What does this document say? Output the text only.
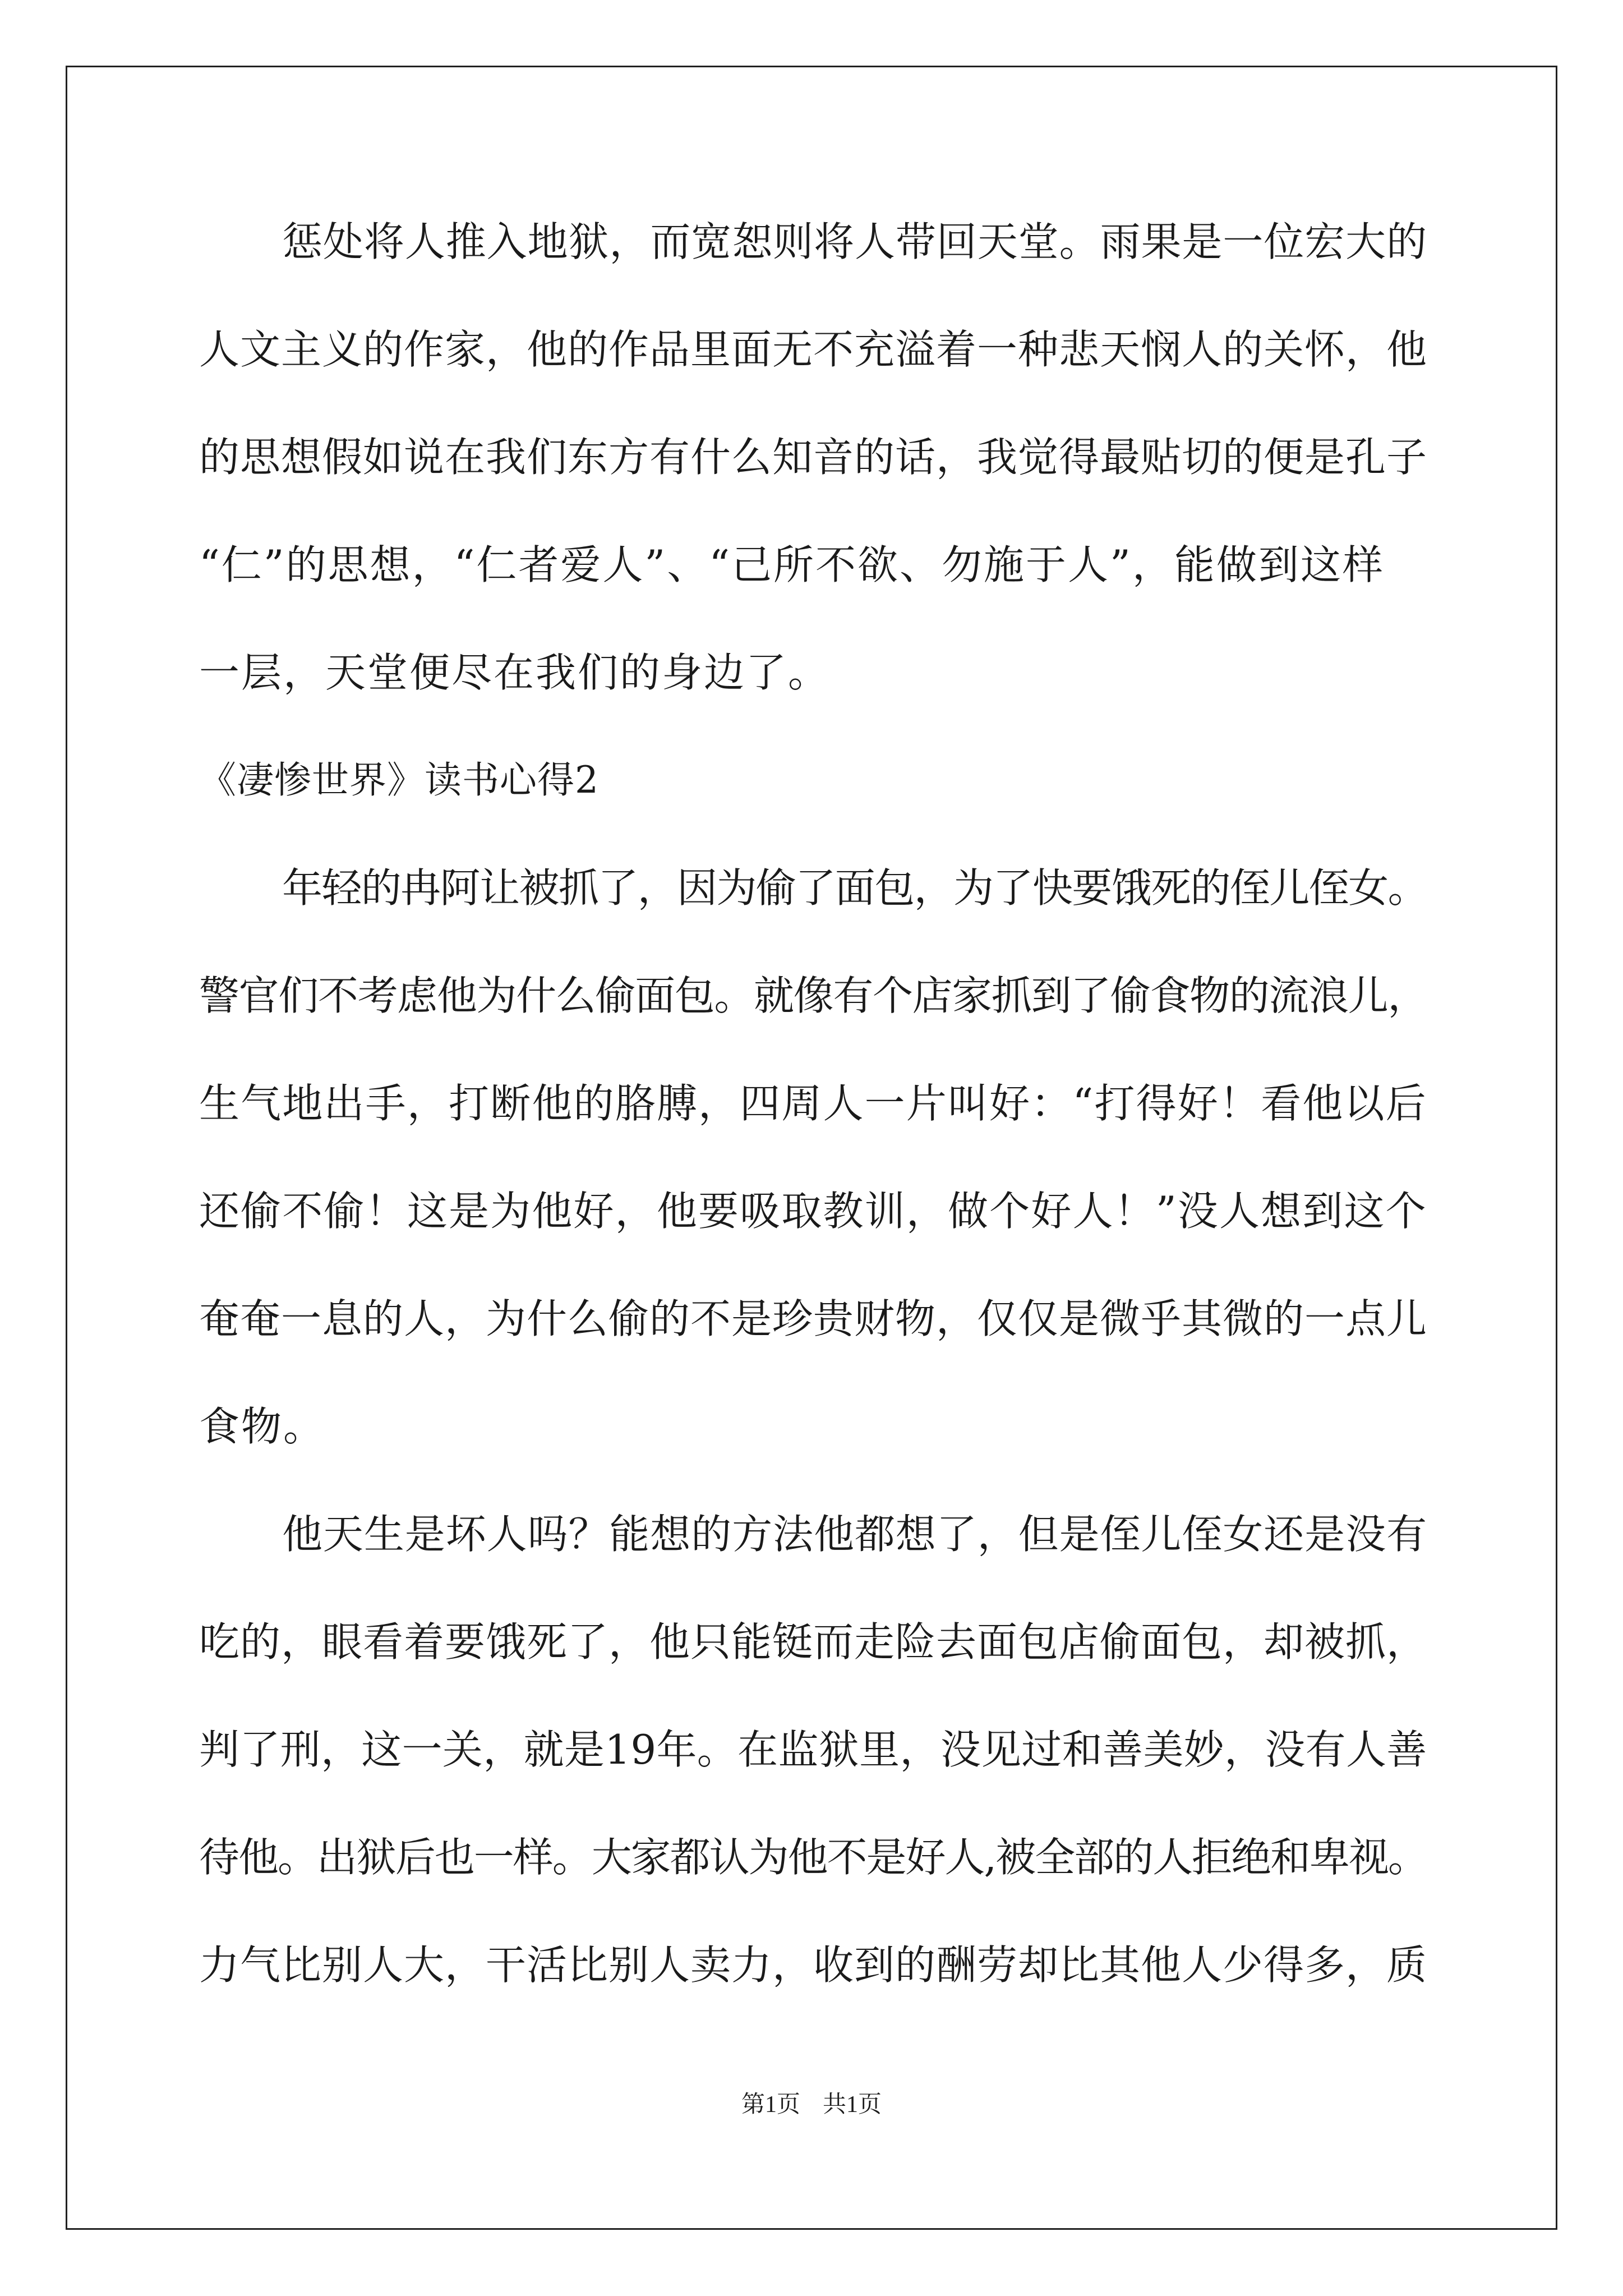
惩处将人推入地狱，而宽恕则将人带回天堂。雨果是一位宏大的
人文主义的作家，他的作品里面无不充溢着一种悲天悯人的关怀，他
的思想假如说在我们东方有什么知音的话，我觉得最贴切的便是孔子
“仁”的思想，“仁者爱人”、“己所不欲、勿施于人”，能做到这样
一层，天堂便尽在我们的身边了。
《凄惨世界》读书心得2
年轻的冉阿让被抓了，因为偷了面包，为了快要饿死的侄儿侄女。
警官们不考虑他为什么偷面包。就像有个店家抓到了偷食物的流浪儿，
生气地出手，打断他的胳膊，四周人一片叫好：“打得好！看他以后
还偷不偷！这是为他好，他要吸取教训，做个好人！”没人想到这个
奄奄一息的人，为什么偷的不是珍贵财物，仅仅是微乎其微的一点儿
食物。
他天生是坏人吗？能想的方法他都想了，但是侄儿侄女还是没有
吃的，眼看着要饿死了，他只能铤而走险去面包店偷面包，却被抓，
判了刑，这一关，就是19年。在监狱里，没见过和善美妙，没有人善
待他。出狱后也一样。大家都认为他不是好人,被全部的人拒绝和卑视。
力气比别人大，干活比别人卖力，收到的酬劳却比其他人少得多，质
第1页 共1页
